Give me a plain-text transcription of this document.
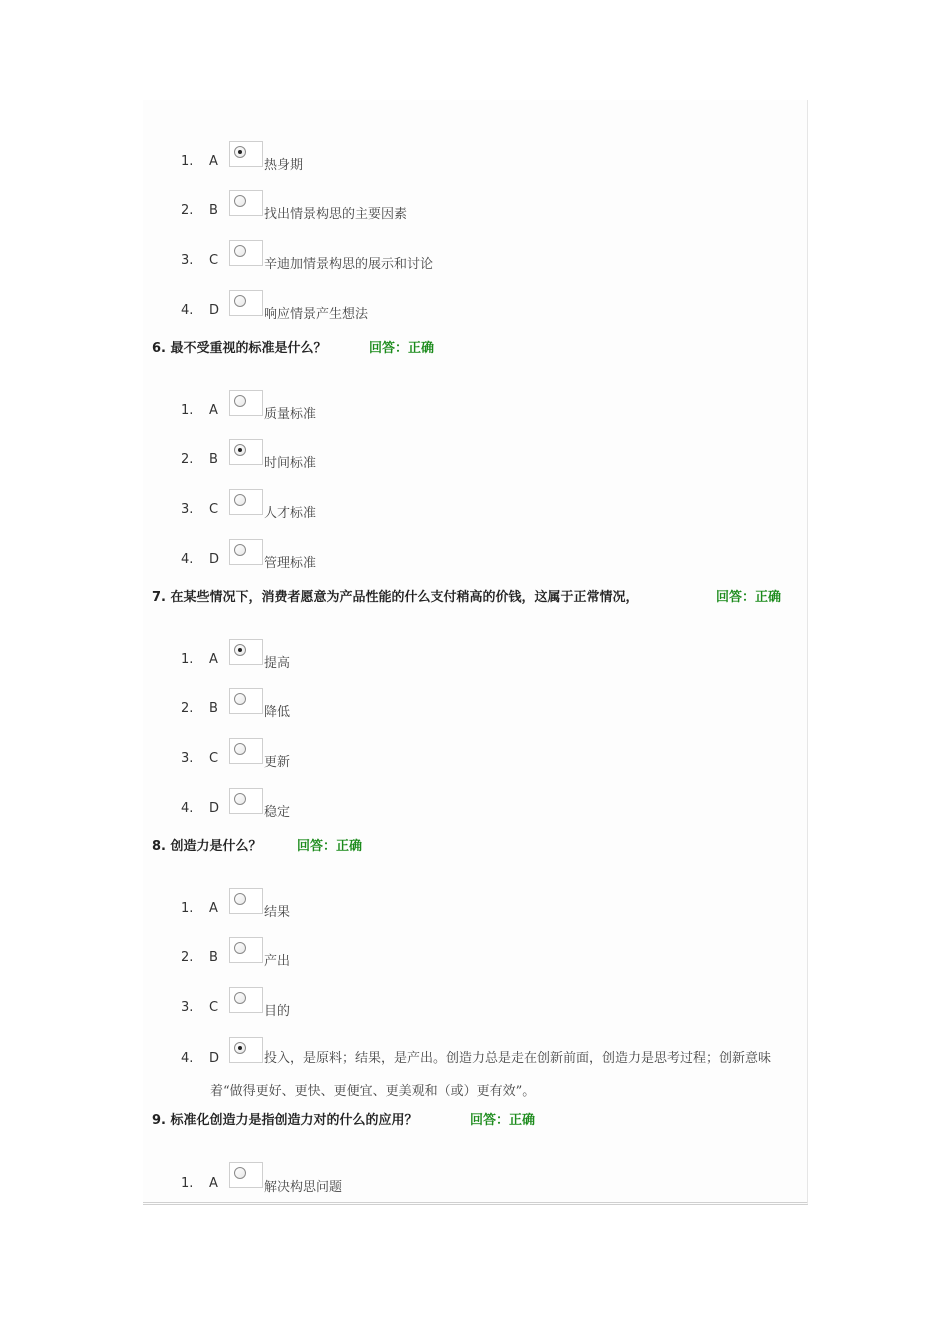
1.	A	热身期
2.	B	找出情景构思的主要因素
3.	C	辛迪加情景构思的展示和讨论
4.	D	响应情景产生想法
6. 最不受重视的标准是什么？	回答：正确
1.	A	质量标准
2.	B	时间标准
3.	C	人才标准
4.	D	管理标准
7. 在某些情况下，消费者愿意为产品性能的什么支付稍高的价钱，这属于正常情况，	回答：正确
1.	A	提高
2.	B	降低
3.	C	更新
4.	D	稳定
8. 创造力是什么？	回答：正确
1.	A	结果
2.	B	产出
3.	C	目的
4.	D	投入，是原料；结果，是产出。创造力总是走在创新前面，创造力是思考过程；创新意味着“做得更好、更快、更便宜、更美观和（或）更有效”。
9. 标准化创造力是指创造力对的什么的应用？	回答：正确
1.	A	解决构思问题
